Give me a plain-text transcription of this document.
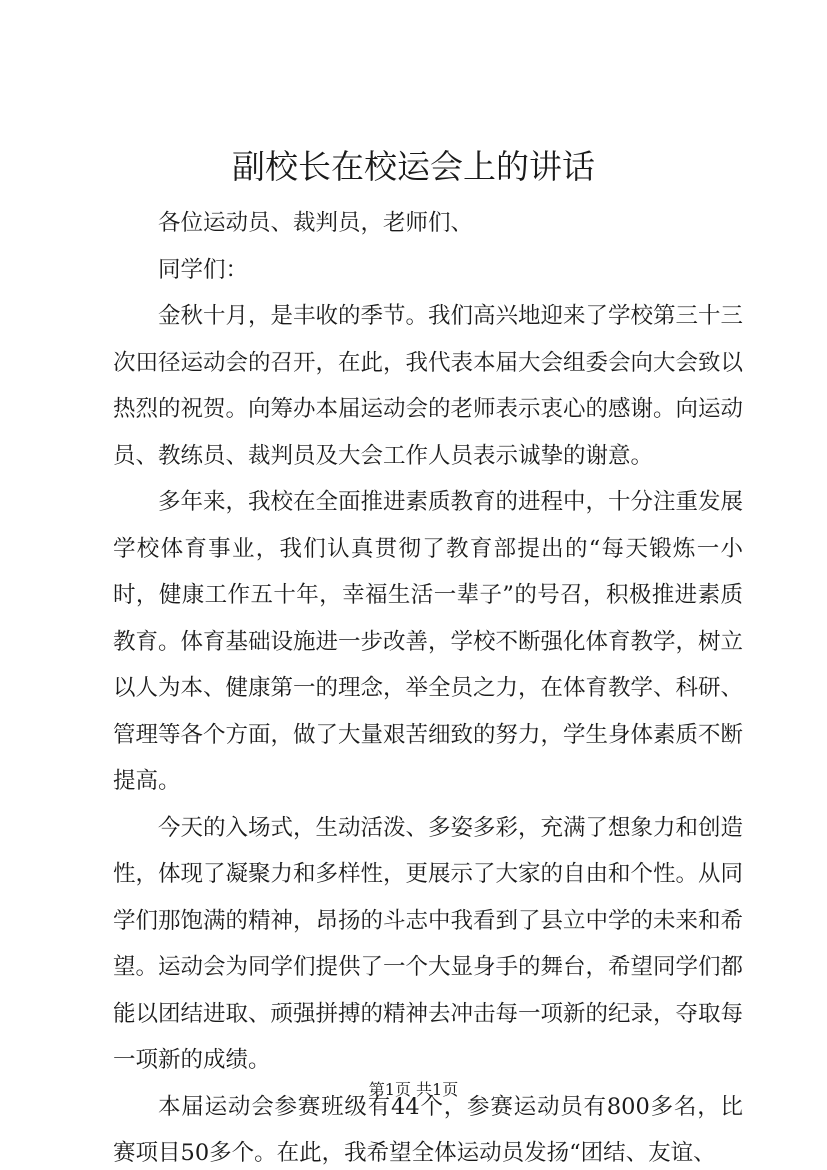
副校长在校运会上的讲话

各位运动员、裁判员，老师们、

同学们：

金秋十月，是丰收的季节。我们高兴地迎来了学校第三十三次田径运动会的召开，在此，我代表本届大会组委会向大会致以热烈的祝贺。向筹办本届运动会的老师表示衷心的感谢。向运动员、教练员、裁判员及大会工作人员表示诚挚的谢意。

多年来，我校在全面推进素质教育的进程中，十分注重发展学校体育事业，我们认真贯彻了教育部提出的“每天锻炼一小时，健康工作五十年，幸福生活一辈子”的号召，积极推进素质教育。体育基础设施进一步改善，学校不断强化体育教学，树立以人为本、健康第一的理念，举全员之力，在体育教学、科研、管理等各个方面，做了大量艰苦细致的努力，学生身体素质不断提高。

今天的入场式，生动活泼、多姿多彩，充满了想象力和创造性，体现了凝聚力和多样性，更展示了大家的自由和个性。从同学们那饱满的精神，昂扬的斗志中我看到了县立中学的未来和希望。运动会为同学们提供了一个大显身手的舞台，希望同学们都能以团结进取、顽强拼搏的精神去冲击每一项新的纪录，夺取每一项新的成绩。

本届运动会参赛班级有44个，参赛运动员有800多名，比赛项目50多个。在此，我希望全体运动员发扬“团结、友谊、

第1页 共1页
